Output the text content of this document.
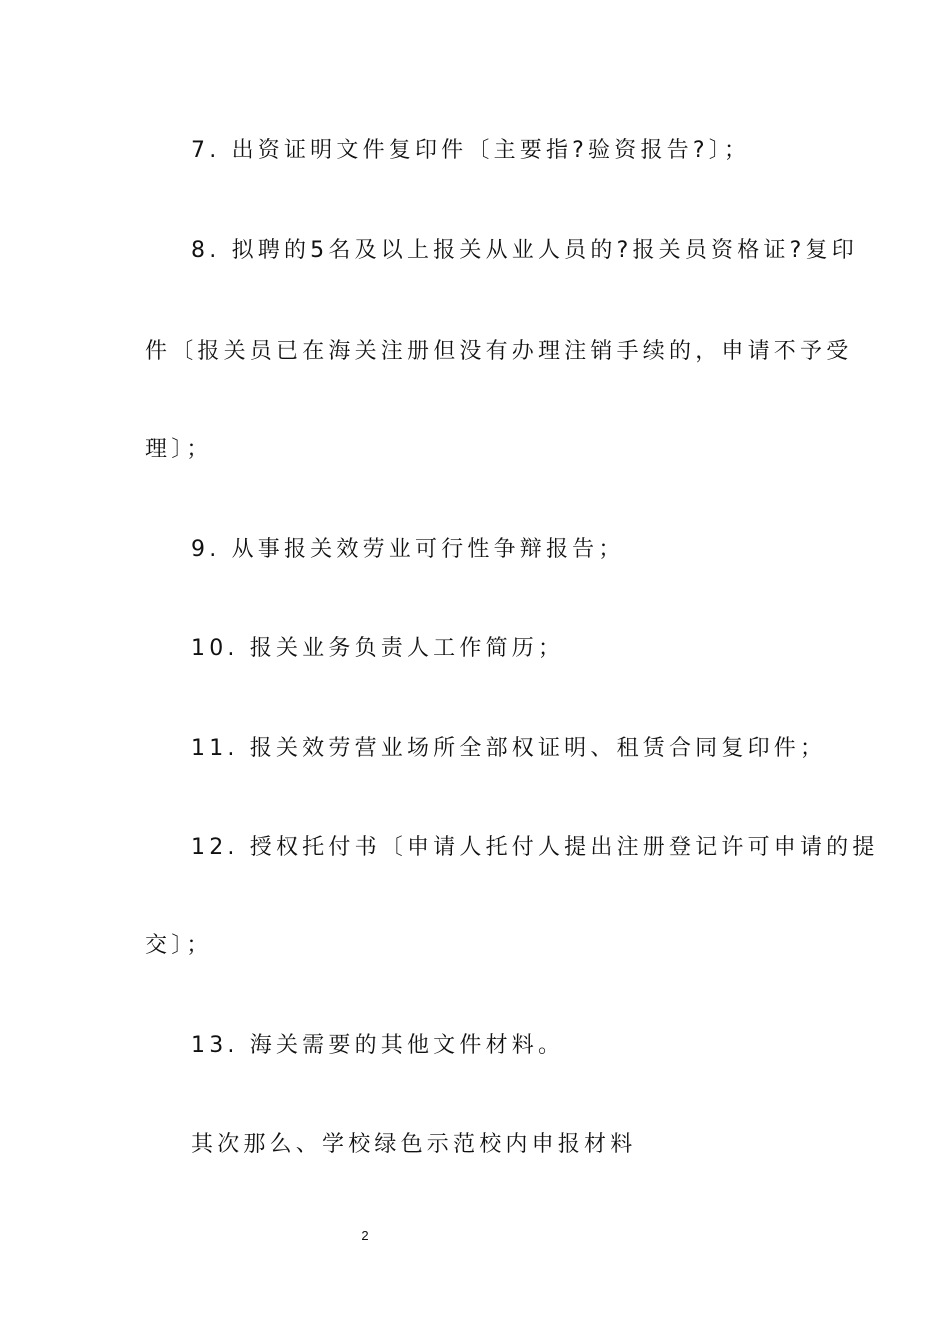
7. 出资证明文件复印件〔主要指?验资报告?〕；
8. 拟聘的5名及以上报关从业人员的?报关员资格证?复印
件〔报关员已在海关注册但没有办理注销手续的，申请不予受
理〕；
9. 从事报关效劳业可行性争辩报告；
10. 报关业务负责人工作简历；
11. 报关效劳营业场所全部权证明、租赁合同复印件；
12. 授权托付书〔申请人托付人提出注册登记许可申请的提
交〕；
13. 海关需要的其他文件材料。
其次那么、学校绿色示范校内申报材料
2
